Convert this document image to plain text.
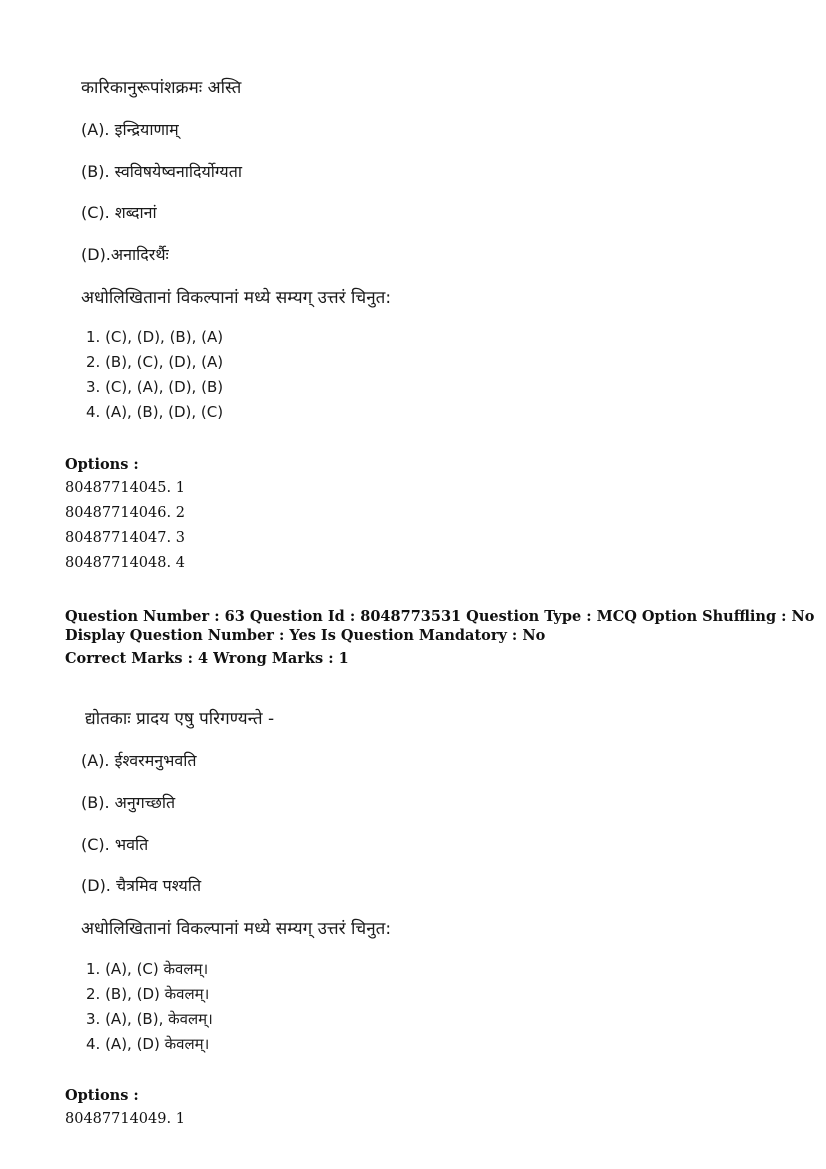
कारिकानुरूपांशक्रमः अस्ति
(A). इन्द्रियाणाम्
(B). स्वविषयेष्वनादिर्योग्यता
(C). शब्दानां
(D).अनादिरर्थैः
अधोलिखितानां विकल्पानां मध्ये सम्यग् उत्तरं चिनुत:
1. (C), (D), (B), (A)
2. (B), (C), (D), (A)
3. (C), (A), (D), (B)
4. (A), (B), (D), (C)
Options :
80487714045. 1
80487714046. 2
80487714047. 3
80487714048. 4
Question Number : 63 Question Id : 8048773531 Question Type : MCQ Option Shuffling : No
Display Question Number : Yes Is Question Mandatory : No
Correct Marks : 4 Wrong Marks : 1
द्योतकाः प्रादय एषु परिगण्यन्ते -
(A). ईश्वरमनुभवति
(B). अनुगच्छति
(C). भवति
(D). चैत्रमिव पश्यति
अधोलिखितानां विकल्पानां मध्ये सम्यग् उत्तरं चिनुत:
1. (A), (C) केवलम्।
2. (B), (D) केवलम्।
3. (A), (B), केवलम्।
4. (A), (D) केवलम्।
Options :
80487714049. 1
